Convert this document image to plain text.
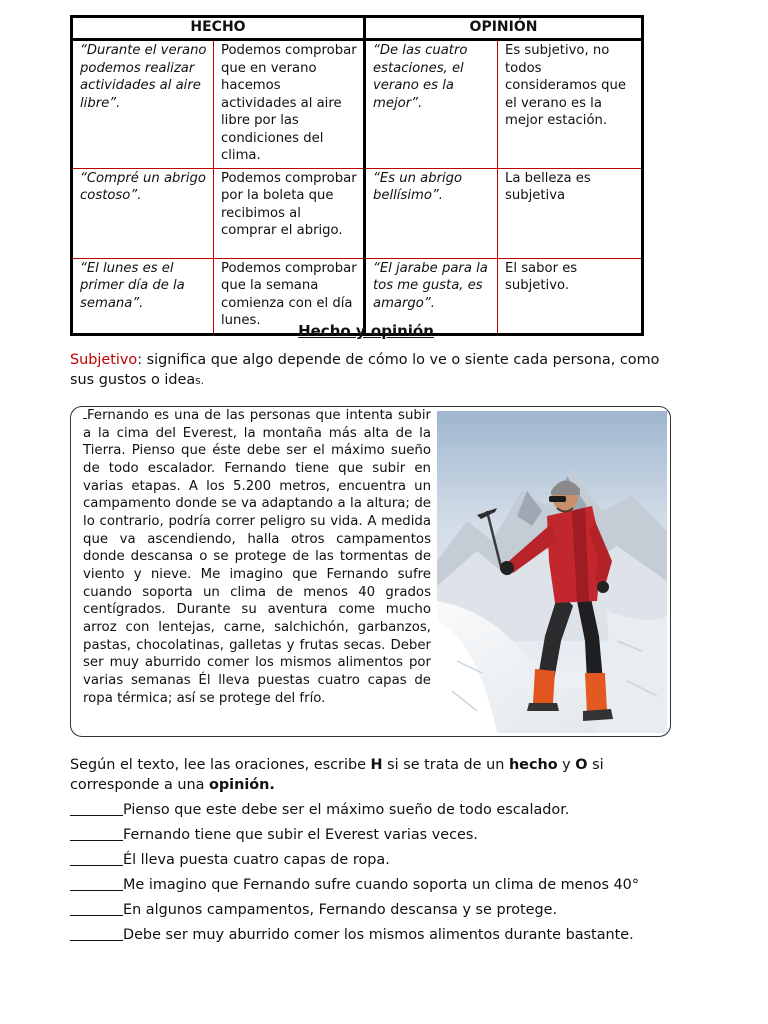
HECHO		OPINIÓN	
“Durante el verano podemos realizar actividades al aire libre”.	Podemos comprobar que en verano hacemos actividades al aire libre por las condiciones del clima.	“De las cuatro estaciones, el verano es la mejor”.	Es subjetivo, no todos consideramos que el verano es la mejor estación.
“Compré un abrigo costoso”.	Podemos comprobar por la boleta que recibimos al comprar el abrigo.	“Es un abrigo bellísimo”.	La belleza es subjetiva
“El lunes es el primer día de la semana”.	Podemos comprobar que la semana comienza con el día lunes.	“El jarabe para la tos me gusta, es amargo”.	El sabor es subjetivo.
Hecho y opinión
Subjetivo: significa que algo depende de cómo lo ve o siente cada persona, como sus gustos o ideas.
Fernando es una de las personas que intenta subir a la cima del Everest, la montaña más alta de la Tierra. Pienso que éste debe ser el máximo sueño de todo escalador. Fernando tiene que subir en varias etapas. A los 5.200 metros, encuentra un campamento donde se va adaptando a la altura; de lo contrario, podría correr peligro su vida. A medida que va ascendiendo, halla otros campamentos donde descansa o se protege de las tormentas de viento y nieve. Me imagino que Fernando sufre cuando soporta un clima de menos 40 grados centígrados. Durante su aventura come mucho arroz con lentejas, carne, salchichón, garbanzos, pastas, chocolatinas, galletas y frutas secas. Deber ser muy aburrido comer los mismos alimentos por varias semanas Él lleva puestas cuatro capas de ropa térmica; así se protege del frío.
Según el texto, lee las oraciones, escribe H si se trata de un hecho y O si corresponde a una opinión.
Pienso que este debe ser el máximo sueño de todo escalador.
Fernando tiene que subir el Everest varias veces.
Él lleva puesta cuatro capas de ropa.
Me imagino que Fernando sufre cuando soporta un clima de menos 40°
En algunos campamentos, Fernando descansa y se protege.
Debe ser muy aburrido comer los mismos alimentos durante bastante.
